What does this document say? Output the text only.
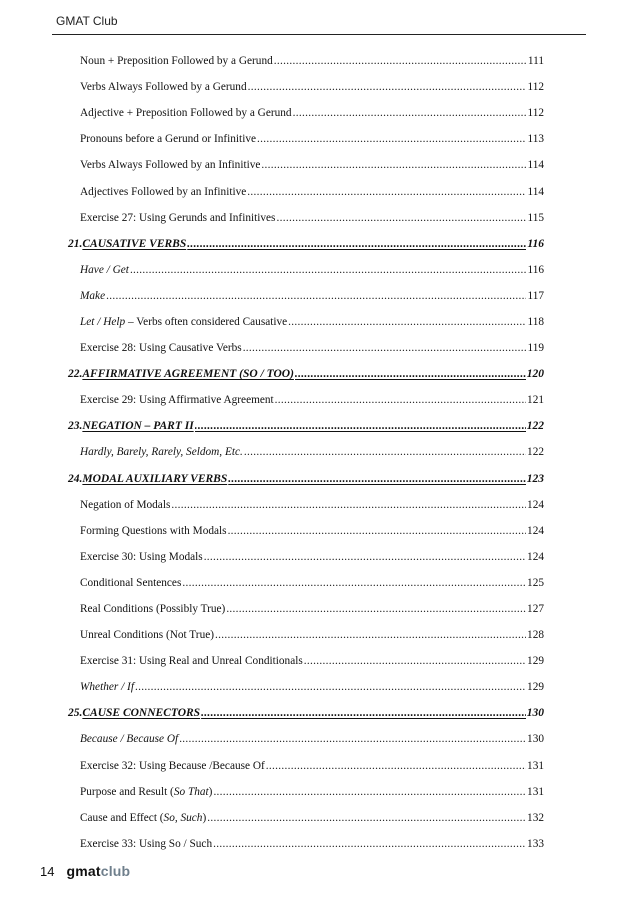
GMAT Club
Noun + Preposition Followed by a Gerund .....	111
Verbs Always Followed by a Gerund .....	112
Adjective + Preposition Followed by a Gerund .....	112
Pronouns before a Gerund or Infinitive .....	113
Verbs Always Followed by an Infinitive .....	114
Adjectives Followed by an Infinitive .....	114
Exercise 27: Using Gerunds and Infinitives .....	115
21. CAUSATIVE VERBS .....	116
Have / Get .....	116
Make .....	117
Let / Help – Verbs often considered Causative .....	118
Exercise 28: Using Causative Verbs .....	119
22. AFFIRMATIVE AGREEMENT (SO / TOO) .....	120
Exercise 29: Using Affirmative Agreement .....	121
23. NEGATION – PART II .....	122
Hardly, Barely, Rarely, Seldom, Etc. .....	122
24. MODAL AUXILIARY VERBS .....	123
Negation of Modals .....	124
Forming Questions with Modals .....	124
Exercise 30: Using Modals .....	124
Conditional Sentences .....	125
Real Conditions (Possibly True) .....	127
Unreal Conditions (Not True) .....	128
Exercise 31: Using Real and Unreal Conditionals .....	129
Whether / If .....	129
25. CAUSE CONNECTORS .....	130
Because / Because Of .....	130
Exercise 32: Using Because /Because Of .....	131
Purpose and Result (So That) .....	131
Cause and Effect (So, Such) .....	132
Exercise 33: Using So / Such .....	133
14 gmatclub
